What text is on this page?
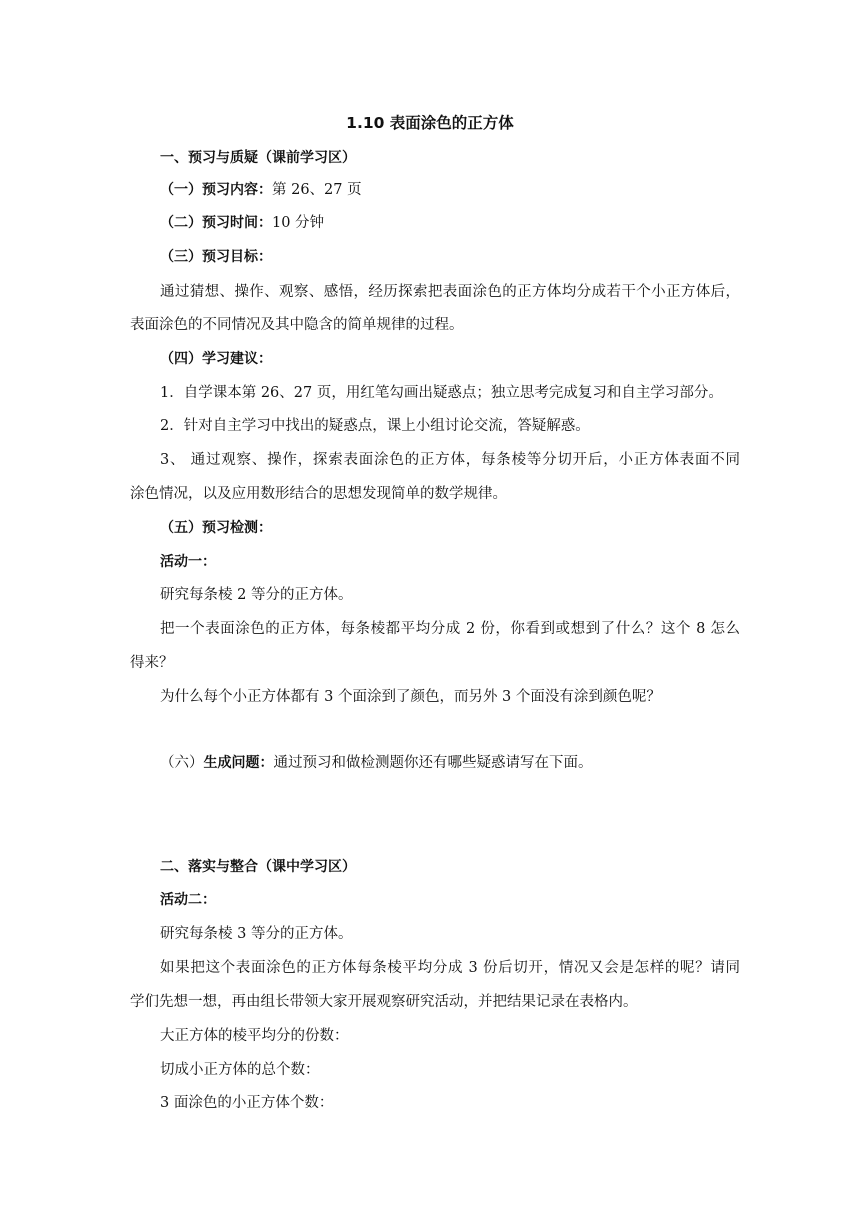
1.10 表面涂色的正方体
一、预习与质疑（课前学习区）
（一）预习内容：第 26、27 页
（二）预习时间：10 分钟
（三）预习目标：
通过猜想、操作、观察、感悟，经历探索把表面涂色的正方体均分成若干个小正方体后，
表面涂色的不同情况及其中隐含的简单规律的过程。
（四）学习建议：
1．自学课本第 26、27 页，用红笔勾画出疑惑点；独立思考完成复习和自主学习部分。
2．针对自主学习中找出的疑惑点，课上小组讨论交流，答疑解惑。
3、 通过观察、操作，探索表面涂色的正方体，每条棱等分切开后，小正方体表面不同
涂色情况，以及应用数形结合的思想发现简单的数学规律。
（五）预习检测：
活动一：
研究每条棱 2 等分的正方体。
把一个表面涂色的正方体，每条棱都平均分成 2 份，你看到或想到了什么？这个 8 怎么
得来？
为什么每个小正方体都有 3 个面涂到了颜色，而另外 3 个面没有涂到颜色呢？
（六）生成问题：通过预习和做检测题你还有哪些疑惑请写在下面。
二、落实与整合（课中学习区）
活动二：
研究每条棱 3 等分的正方体。
如果把这个表面涂色的正方体每条棱平均分成 3 份后切开，情况又会是怎样的呢？请同
学们先想一想，再由组长带领大家开展观察研究活动，并把结果记录在表格内。
大正方体的棱平均分的份数：
切成小正方体的总个数：
3 面涂色的小正方体个数：
